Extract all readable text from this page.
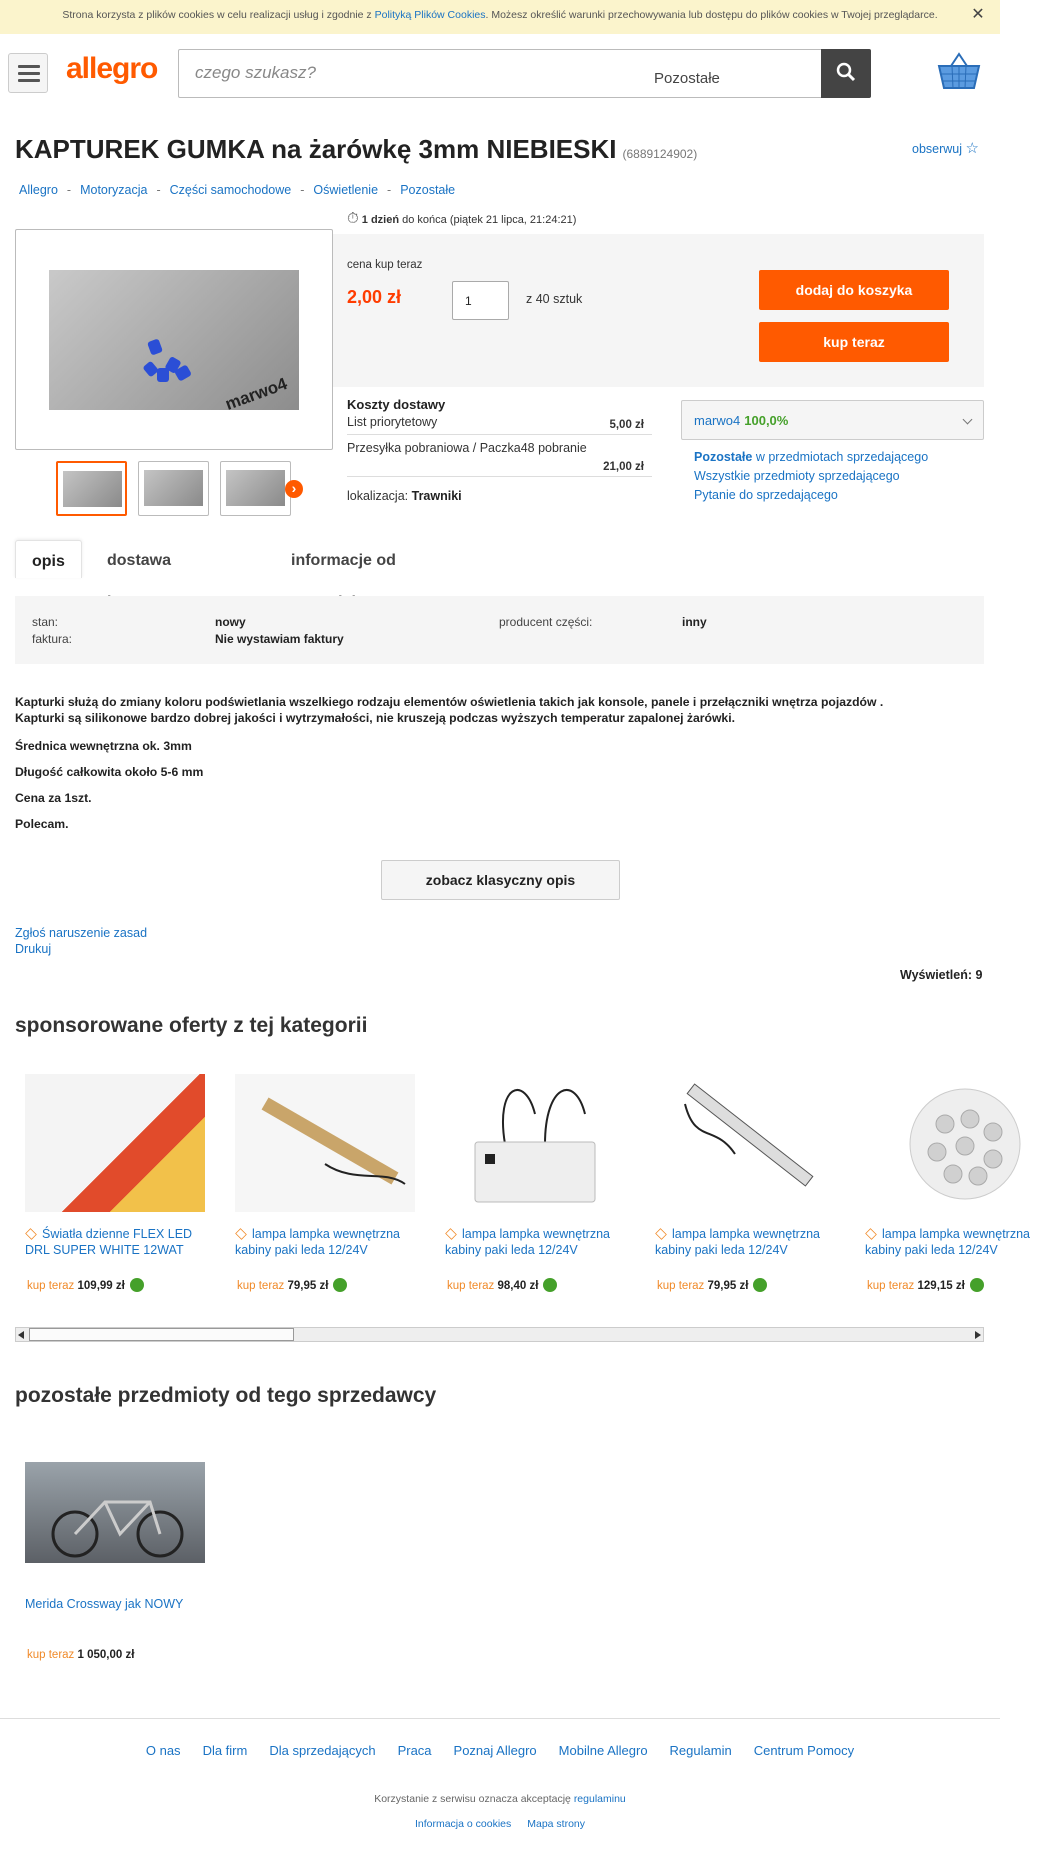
Strona korzysta z plików cookies w celu realizacji usług i zgodnie z Polityką Plików Cookies. Możesz określić warunki przechowywania lub dostępu do plików cookies w Twojej przeglądarce. ✕
allegro czego szukasz?	Pozostałe
KAPTUREK GUMKA na żarówkę 3mm NIEBIESKI (6889124902)	obserwuj ☆
Allegro - Motoryzacja - Części samochodowe - Oświetlenie - Pozostałe
marwo4
›
⏱ 1 dzień do końca (piątek 21 lipca, 21:24:21)
cena kup teraz
2,00 zł	1	z 40 sztuk
dodaj do koszyka
kup teraz
Koszty dostawy
List priorytetowy	5,00 zł
Przesyłka pobraniowa / Paczka48 pobranie
21,00 zł
lokalizacja: Trawniki
marwo4 100,0%
Pozostałe w przedmiotach sprzedającego
Wszystkie przedmioty sprzedającego
Pytanie do sprzedającego
opis	dostawa	informacje od
stan:	nowy	producent części:	inny
faktura:	Nie wystawiam faktury

Kapturki służą do zmiany koloru podświetlania wszelkiego rodzaju elementów oświetlenia takich jak konsole, panele i przełączniki wnętrza pojazdów .
Kapturki są silikonowe bardzo dobrej jakości i wytrzymałości, nie kruszeją podczas wyższych temperatur zapalonej żarówki.

Średnica wewnętrzna ok. 3mm

Długość całkowita około 5-6 mm

Cena za 1szt.

Polecam.

zobacz klasyczny opis
Zgłoś naruszenie zasad
Drukuj
Wyświetleń: 9
sponsorowane oferty z tej kategorii
Światła dzienne FLEX LED DRL SUPER WHITE 12WAT
kup teraz 109,99 zł
lampa lampka wewnętrzna kabiny paki leda 12/24V
kup teraz 79,95 zł
lampa lampka wewnętrzna kabiny paki leda 12/24V
kup teraz 98,40 zł
lampa lampka wewnętrzna kabiny paki leda 12/24V
kup teraz 79,95 zł
lampa lampka wewnętrzna kabiny paki leda 12/24V
kup teraz 129,15 zł
pozostałe przedmioty od tego sprzedawcy
Merida Crossway jak NOWY
kup teraz 1 050,00 zł
O nas Dla firm Dla sprzedających Praca Poznaj Allegro Mobilne Allegro Regulamin Centrum Pomocy
Korzystanie z serwisu oznacza akceptację regulaminu
Informacja o cookies Mapa strony
